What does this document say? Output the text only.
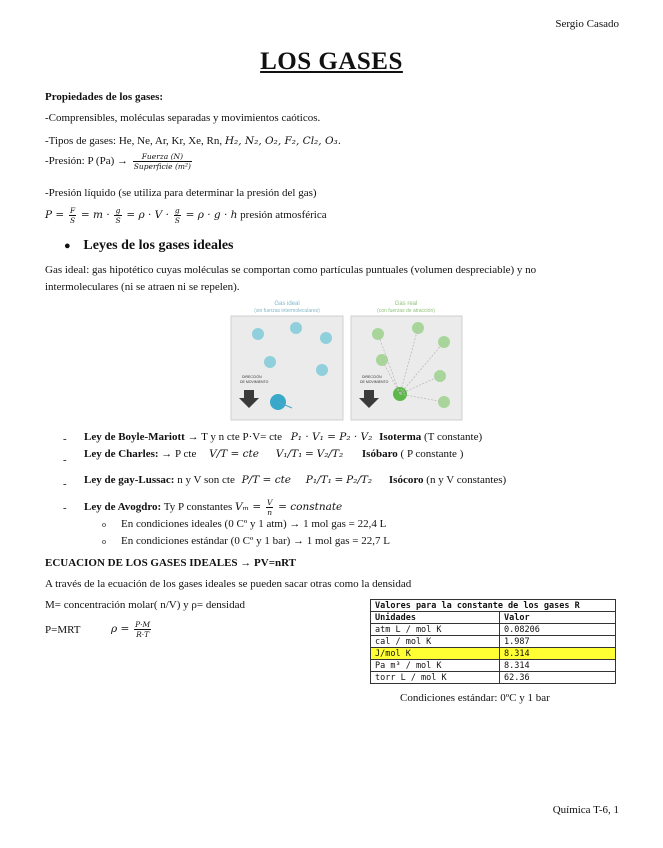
Sergio Casado
LOS GASES
Propiedades de los gases:
-Comprensibles, moléculas separadas y movimientos caóticos.
-Tipos de gases: He, Ne, Ar, Kr, Xe, Rn, H₂, N₂, O₂, F₂, Cl₂, O₃.
-Presión: P $(Pa) \to \frac{\text{Fuerza (N)}}{\text{Superficie (m²)}}$
-Presión líquido (se utiliza para determinar la presión del gas)
$P = \frac{F}{S} = m \cdot \frac{g}{S} = \rho \cdot V \cdot \frac{g}{S} = \rho \cdot g \cdot h$ presión atmosférica
● Leyes de los gases ideales
Gas ideal: gas hipotético cuyas moléculas se comportan como partículas puntuales (volumen despreciable) y no
intermoleculares (ni se atraen ni se repelen).
Gas ideal
(sin fuerzas intermoleculares)
DIRECCIÓN
DE MOVIMIENTO
Gas real
(con fuerzas de atracción)
DIRECCIÓN
DE MOVIMIENTO
- Ley de Boyle-Mariott → T y n cte P·V= cte P₁ · V₁ = P₂ · V₂ Isoterma (T constante)
- Ley de Charles: → P cte V/T = cte V₁/T₁ = V₂/T₂ Isóbaro ( P constante )
- Ley de gay-Lussac: n y V son cte P/T = cte P₁/T₁ = P₂/T₂ Isócoro (n y V constantes)
- Ley de Avogdro: Ty P constantes $V_m = \frac{V}{n}$ = constnate
o En condiciones ideales (0 Cº y 1 atm) → 1 mol gas = 22,4 L
o En condiciones estándar (0 Cº y 1 bar) → 1 mol gas = 22,7 L
ECUACION DE LOS GASES IDEALES → PV=nRT
A través de la ecuación de los gases ideales se pueden sacar otras como la densidad
M= concentración molar( n/V) y ρ= densidad
P=MRT	$\rho = \frac{P\cdot M}{R\cdot T}$
Valores para la constante de los gases R	
Unidades	Valor
atm L / mol K	0.08206
cal / mol K	1.987
J/mol K	8.314
Pa m³ / mol K	8.314
torr L / mol K	62.36
Condiciones estándar: 0ºC y 1 bar
Química T-6, 1
